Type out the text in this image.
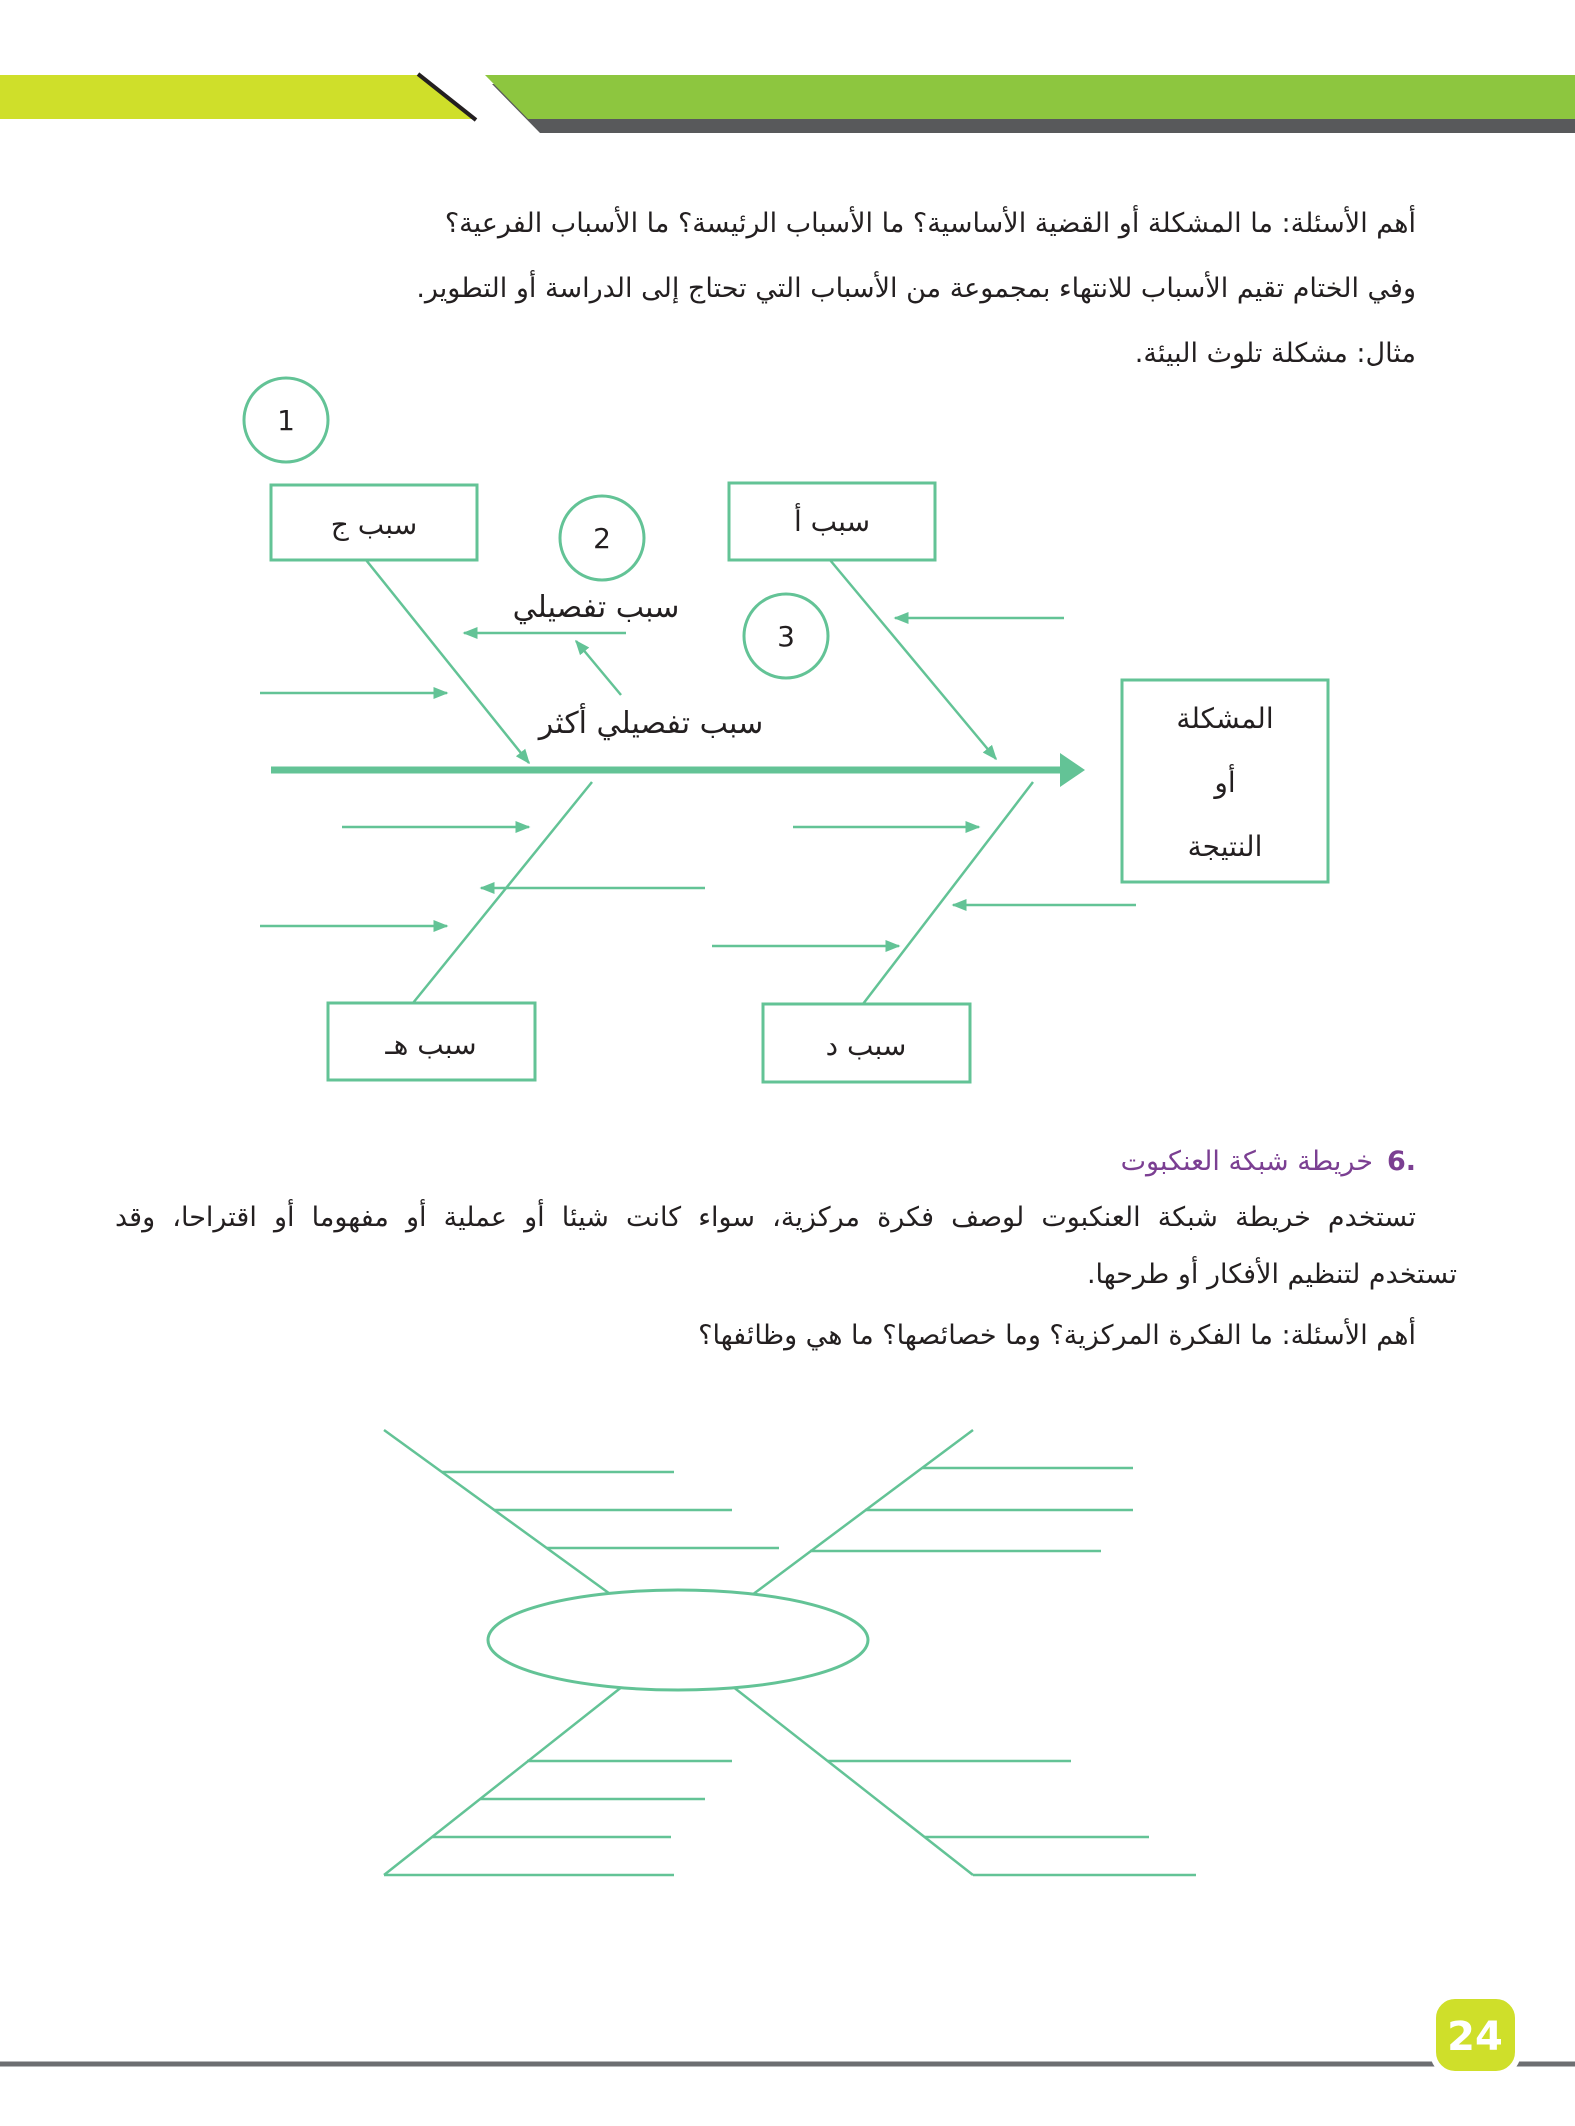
أهم الأسئلة: ما المشكلة أو القضية الأساسية؟ ما الأسباب الرئيسة؟ ما الأسباب الفرعية؟
وفي الختام تقيم الأسباب للانتهاء بمجموعة من الأسباب التي تحتاج إلى الدراسة أو التطوير.
مثال: مشكلة تلوث البيئة.
1
2
3
سبب ج	سبب أ
سبب هـ	سبب د
سبب تفصيلي
سبب تفصيلي أكثر	المشكلة
أو
النتيجة
6.خريطة شبكة العنكبوت
تستخدم خريطة شبكة العنكبوت لوصف فكرة مركزية، سواء كانت شيئا أو عملية أو مفهوما أو اقتراحا، وقد
تستخدم لتنظيم الأفكار أو طرحها.
أهم الأسئلة: ما الفكرة المركزية؟ وما خصائصها؟ ما هي وظائفها؟
24
